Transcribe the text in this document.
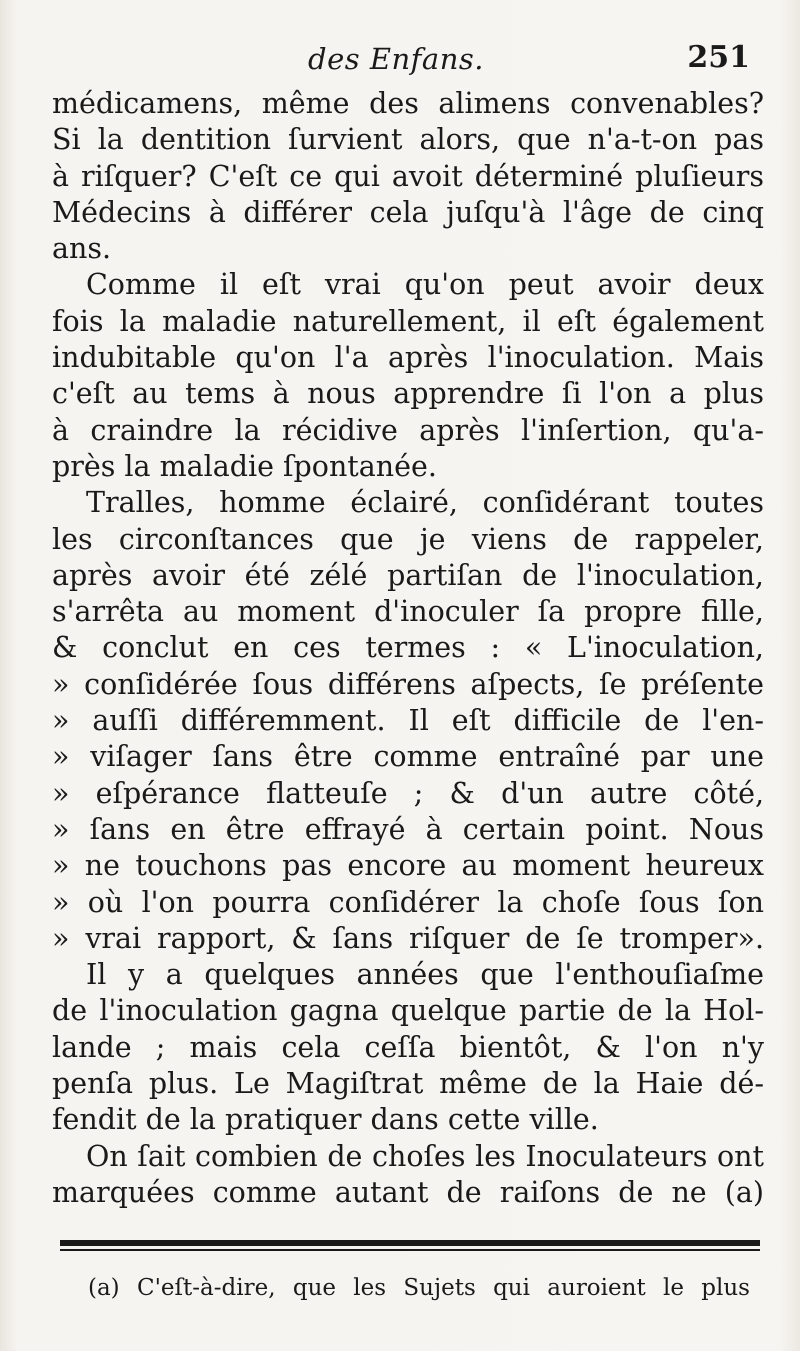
des Enfans.	251
médicamens, même des alimens convenables?
Si la dentition ſurvient alors, que n'a-t-on pas
à riſquer? C'eſt ce qui avoit déterminé pluſieurs
Médecins à différer cela juſqu'à l'âge de cinq
ans.
Comme il eſt vrai qu'on peut avoir deux
fois la maladie naturellement, il eſt également
indubitable qu'on l'a après l'inoculation. Mais
c'eſt au tems à nous apprendre ſi l'on a plus
à craindre la récidive après l'inſertion, qu'a-
près la maladie ſpontanée.
Tralles, homme éclairé, conſidérant toutes
les circonſtances que je viens de rappeler,
après avoir été zélé partiſan de l'inoculation,
s'arrêta au moment d'inoculer ſa propre fille,
& conclut en ces termes : « L'inoculation,
» conſidérée ſous différens aſpects, ſe préſente
» auſſi différemment. Il eſt difficile de l'en-
» viſager ſans être comme entraîné par une
» eſpérance flatteuſe ; & d'un autre côté,
» ſans en être effrayé à certain point. Nous
» ne touchons pas encore au moment heureux
» où l'on pourra conſidérer la choſe ſous ſon
» vrai rapport, & ſans riſquer de ſe tromper».
Il y a quelques années que l'enthouſiaſme
de l'inoculation gagna quelque partie de la Hol-
lande ; mais cela ceſſa bientôt, & l'on n'y
penſa plus. Le Magiſtrat même de la Haie dé-
fendit de la pratiquer dans cette ville.
On ſait combien de choſes les Inoculateurs ont
marquées comme autant de raiſons de ne (a)
(a) C'eſt-à-dire, que les Sujets qui auroient le plus
